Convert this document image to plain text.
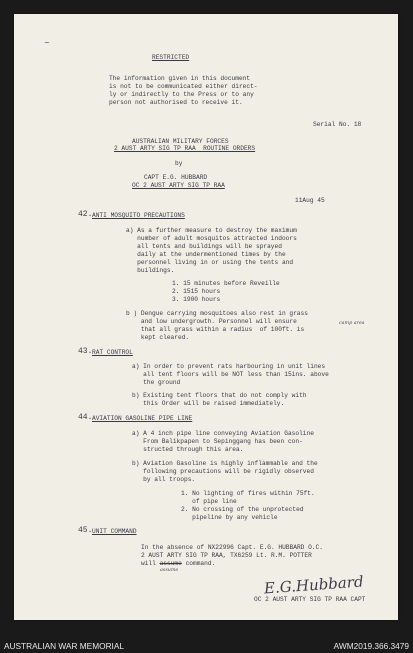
~
RESTRICTED
The information given in this document
is not to be communicated either direct-
ly or indirectly to the Press or to any
person not authorised to receive it.
Serial No. 18
AUSTRALIAN MILITARY FORCES
2 AUST ARTY SIG TP RAA  ROUTINE ORDERS
by
CAPT E.G. HUBBARD
OC 2 AUST ARTY SIG TP RAA
11Aug 45
42. ANTI MOSQUITO PRECAUTIONS
a) As a further measure to destroy the maximum
number of adult mosquitos attracted indoors
all tents and buildings will be sprayed
daily at the undermentioned times by the
personnel living in or using the tents and
buildings.
1. 15 minutes before Reveille
2. 1515 hours
3. 1900 hours
b ) Dengue carrying mosquitoes also rest in grass
and low undergrowth. Personnel will ensure
that all grass within a radius  of 100ft. is
kept cleared.
camp area
43. RAT CONTROL
a) In order to prevent rats harbouring in unit lines
all tent floors will be NOT less than 15ins. above
the ground
b) Existing tent floors that do not comply with
this Order will be raised immediately.
44. AVIATION GASOLINE PIPE LINE
a) A 4 inch pipe line conveying Aviation Gasoline
From Balikpapen to Sepinggang has been con-
structed through this area.
b) Aviation Gasoline is highly inflammable and the
following precautions will be rigidly observed
by all troops.
1. No lighting of fires within 75ft.
of pipe line
2. No crossing of the unprotected
pipeline by any vehicle
45. UNIT COMMAND
In the absence of NX22996 Capt. E.G. HUBBARD O.C.
2 AUST ARTY SIG TP RAA, TX6259 Lt. R.M. POTTER
will assume command.
assume
E.G.Hubbard
OC 2 AUST ARTY SIG TP RAA CAPT
AUSTRALIAN WAR MEMORIAL	AWM2019.366.3479
